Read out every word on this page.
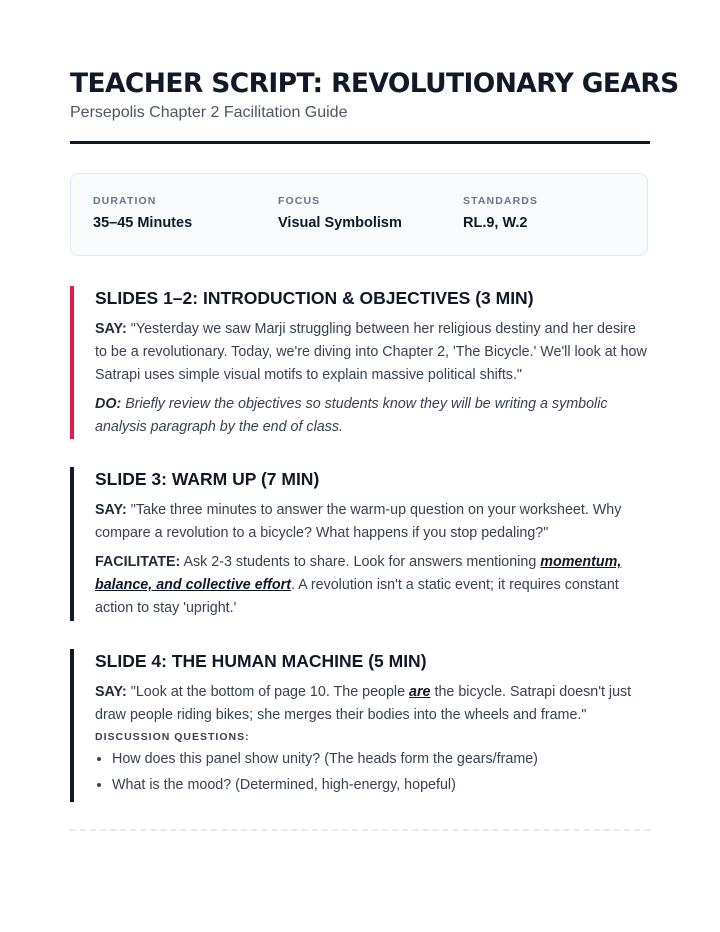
TEACHER SCRIPT: REVOLUTIONARY GEARS
Persepolis Chapter 2 Facilitation Guide
DURATION
35–45 Minutes
FOCUS
Visual Symbolism
STANDARDS
RL.9, W.2
SLIDES 1–2: INTRODUCTION & OBJECTIVES (3 MIN)

SAY: "Yesterday we saw Marji struggling between her religious destiny and her desire to be a revolutionary. Today, we're diving into Chapter 2, 'The Bicycle.' We'll look at how Satrapi uses simple visual motifs to explain massive political shifts."

DO: Briefly review the objectives so students know they will be writing a symbolic analysis paragraph by the end of class.

SLIDE 3: WARM UP (7 MIN)

SAY: "Take three minutes to answer the warm-up question on your worksheet. Why compare a revolution to a bicycle? What happens if you stop pedaling?"

FACILITATE: Ask 2-3 students to share. Look for answers mentioning momentum, balance, and collective effort. A revolution isn't a static event; it requires constant action to stay 'upright.'

SLIDE 4: THE HUMAN MACHINE (5 MIN)

SAY: "Look at the bottom of page 10. The people are the bicycle. Satrapi doesn't just draw people riding bikes; she merges their bodies into the wheels and frame."

DISCUSSION QUESTIONS:
• How does this panel show unity? (The heads form the gears/frame)
• What is the mood? (Determined, high-energy, hopeful)
